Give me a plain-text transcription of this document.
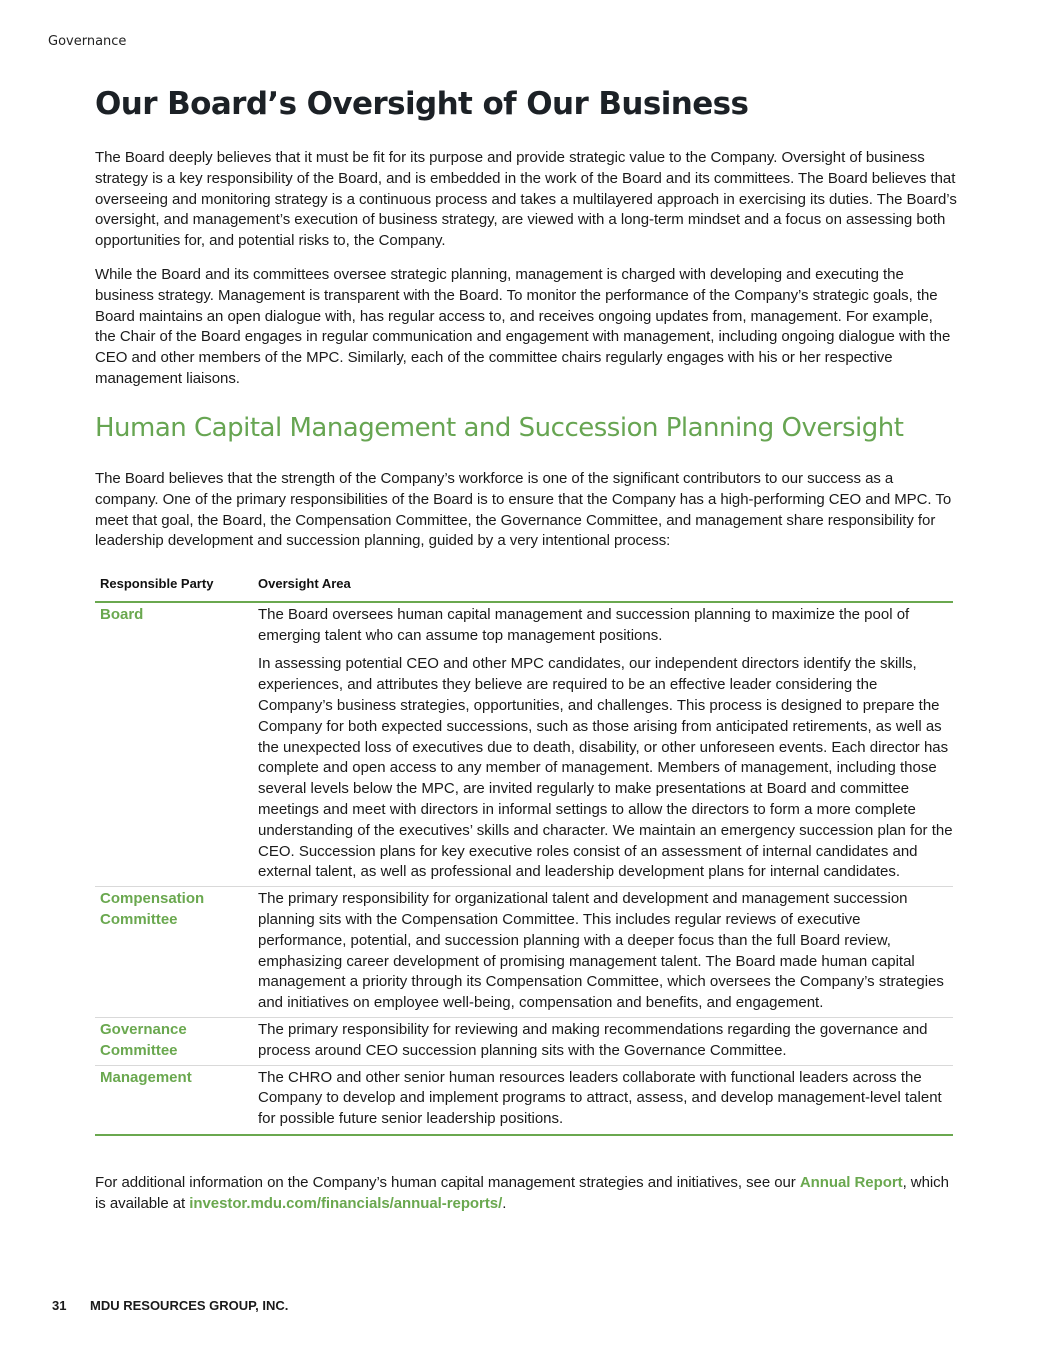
Governance
Our Board’s Oversight of Our Business

The Board deeply believes that it must be fit for its purpose and provide strategic value to the Company. Oversight of business strategy is a key responsibility of the Board, and is embedded in the work of the Board and its committees. The Board believes that overseeing and monitoring strategy is a continuous process and takes a multilayered approach in exercising its duties. The Board’s oversight, and management’s execution of business strategy, are viewed with a long-term mindset and a focus on assessing both opportunities for, and potential risks to, the Company.

While the Board and its committees oversee strategic planning, management is charged with developing and executing the business strategy. Management is transparent with the Board. To monitor the performance of the Company’s strategic goals, the Board maintains an open dialogue with, has regular access to, and receives ongoing updates from, management. For example, the Chair of the Board engages in regular communication and engagement with management, including ongoing dialogue with the CEO and other members of the MPC. Similarly, each of the committee chairs regularly engages with his or her respective management liaisons.

Human Capital Management and Succession Planning Oversight

The Board believes that the strength of the Company’s workforce is one of the significant contributors to our success as a company. One of the primary responsibilities of the Board is to ensure that the Company has a high-performing CEO and MPC. To meet that goal, the Board, the Compensation Committee, the Governance Committee, and management share responsibility for leadership development and succession planning, guided by a very intentional process:

Responsible Party	Oversight Area
Board	The Board oversees human capital management and succession planning to maximize the pool of emerging talent who can assume top management positions.
In assessing potential CEO and other MPC candidates, our independent directors identify the skills, experiences, and attributes they believe are required to be an effective leader considering the Company’s business strategies, opportunities, and challenges. This process is designed to prepare the Company for both expected successions, such as those arising from anticipated retirements, as well as the unexpected loss of executives due to death, disability, or other unforeseen events. Each director has complete and open access to any member of management. Members of management, including those several levels below the MPC, are invited regularly to make presentations at Board and committee meetings and meet with directors in informal settings to allow the directors to form a more complete understanding of the executives’ skills and character. We maintain an emergency succession plan for the CEO. Succession plans for key executive roles consist of an assessment of internal candidates and external talent, as well as professional and leadership development plans for internal candidates.

Compensation
Committee	The primary responsibility for organizational talent and development and management succession planning sits with the Compensation Committee. This includes regular reviews of executive performance, potential, and succession planning with a deeper focus than the full Board review, emphasizing career development of promising management talent. The Board made human capital management a priority through its Compensation Committee, which oversees the Company’s strategies and initiatives on employee well-being, compensation and benefits, and engagement.
Governance
Committee	The primary responsibility for reviewing and making recommendations regarding the governance and process around CEO succession planning sits with the Governance Committee.
Management	The CHRO and other senior human resources leaders collaborate with functional leaders across the Company to develop and implement programs to attract, assess, and develop management-level talent for possible future senior leadership positions.

For additional information on the Company’s human capital management strategies and initiatives, see our Annual Report, which is available at investor.mdu.com/financials/annual-reports/.

31 MDU RESOURCES GROUP, INC.
